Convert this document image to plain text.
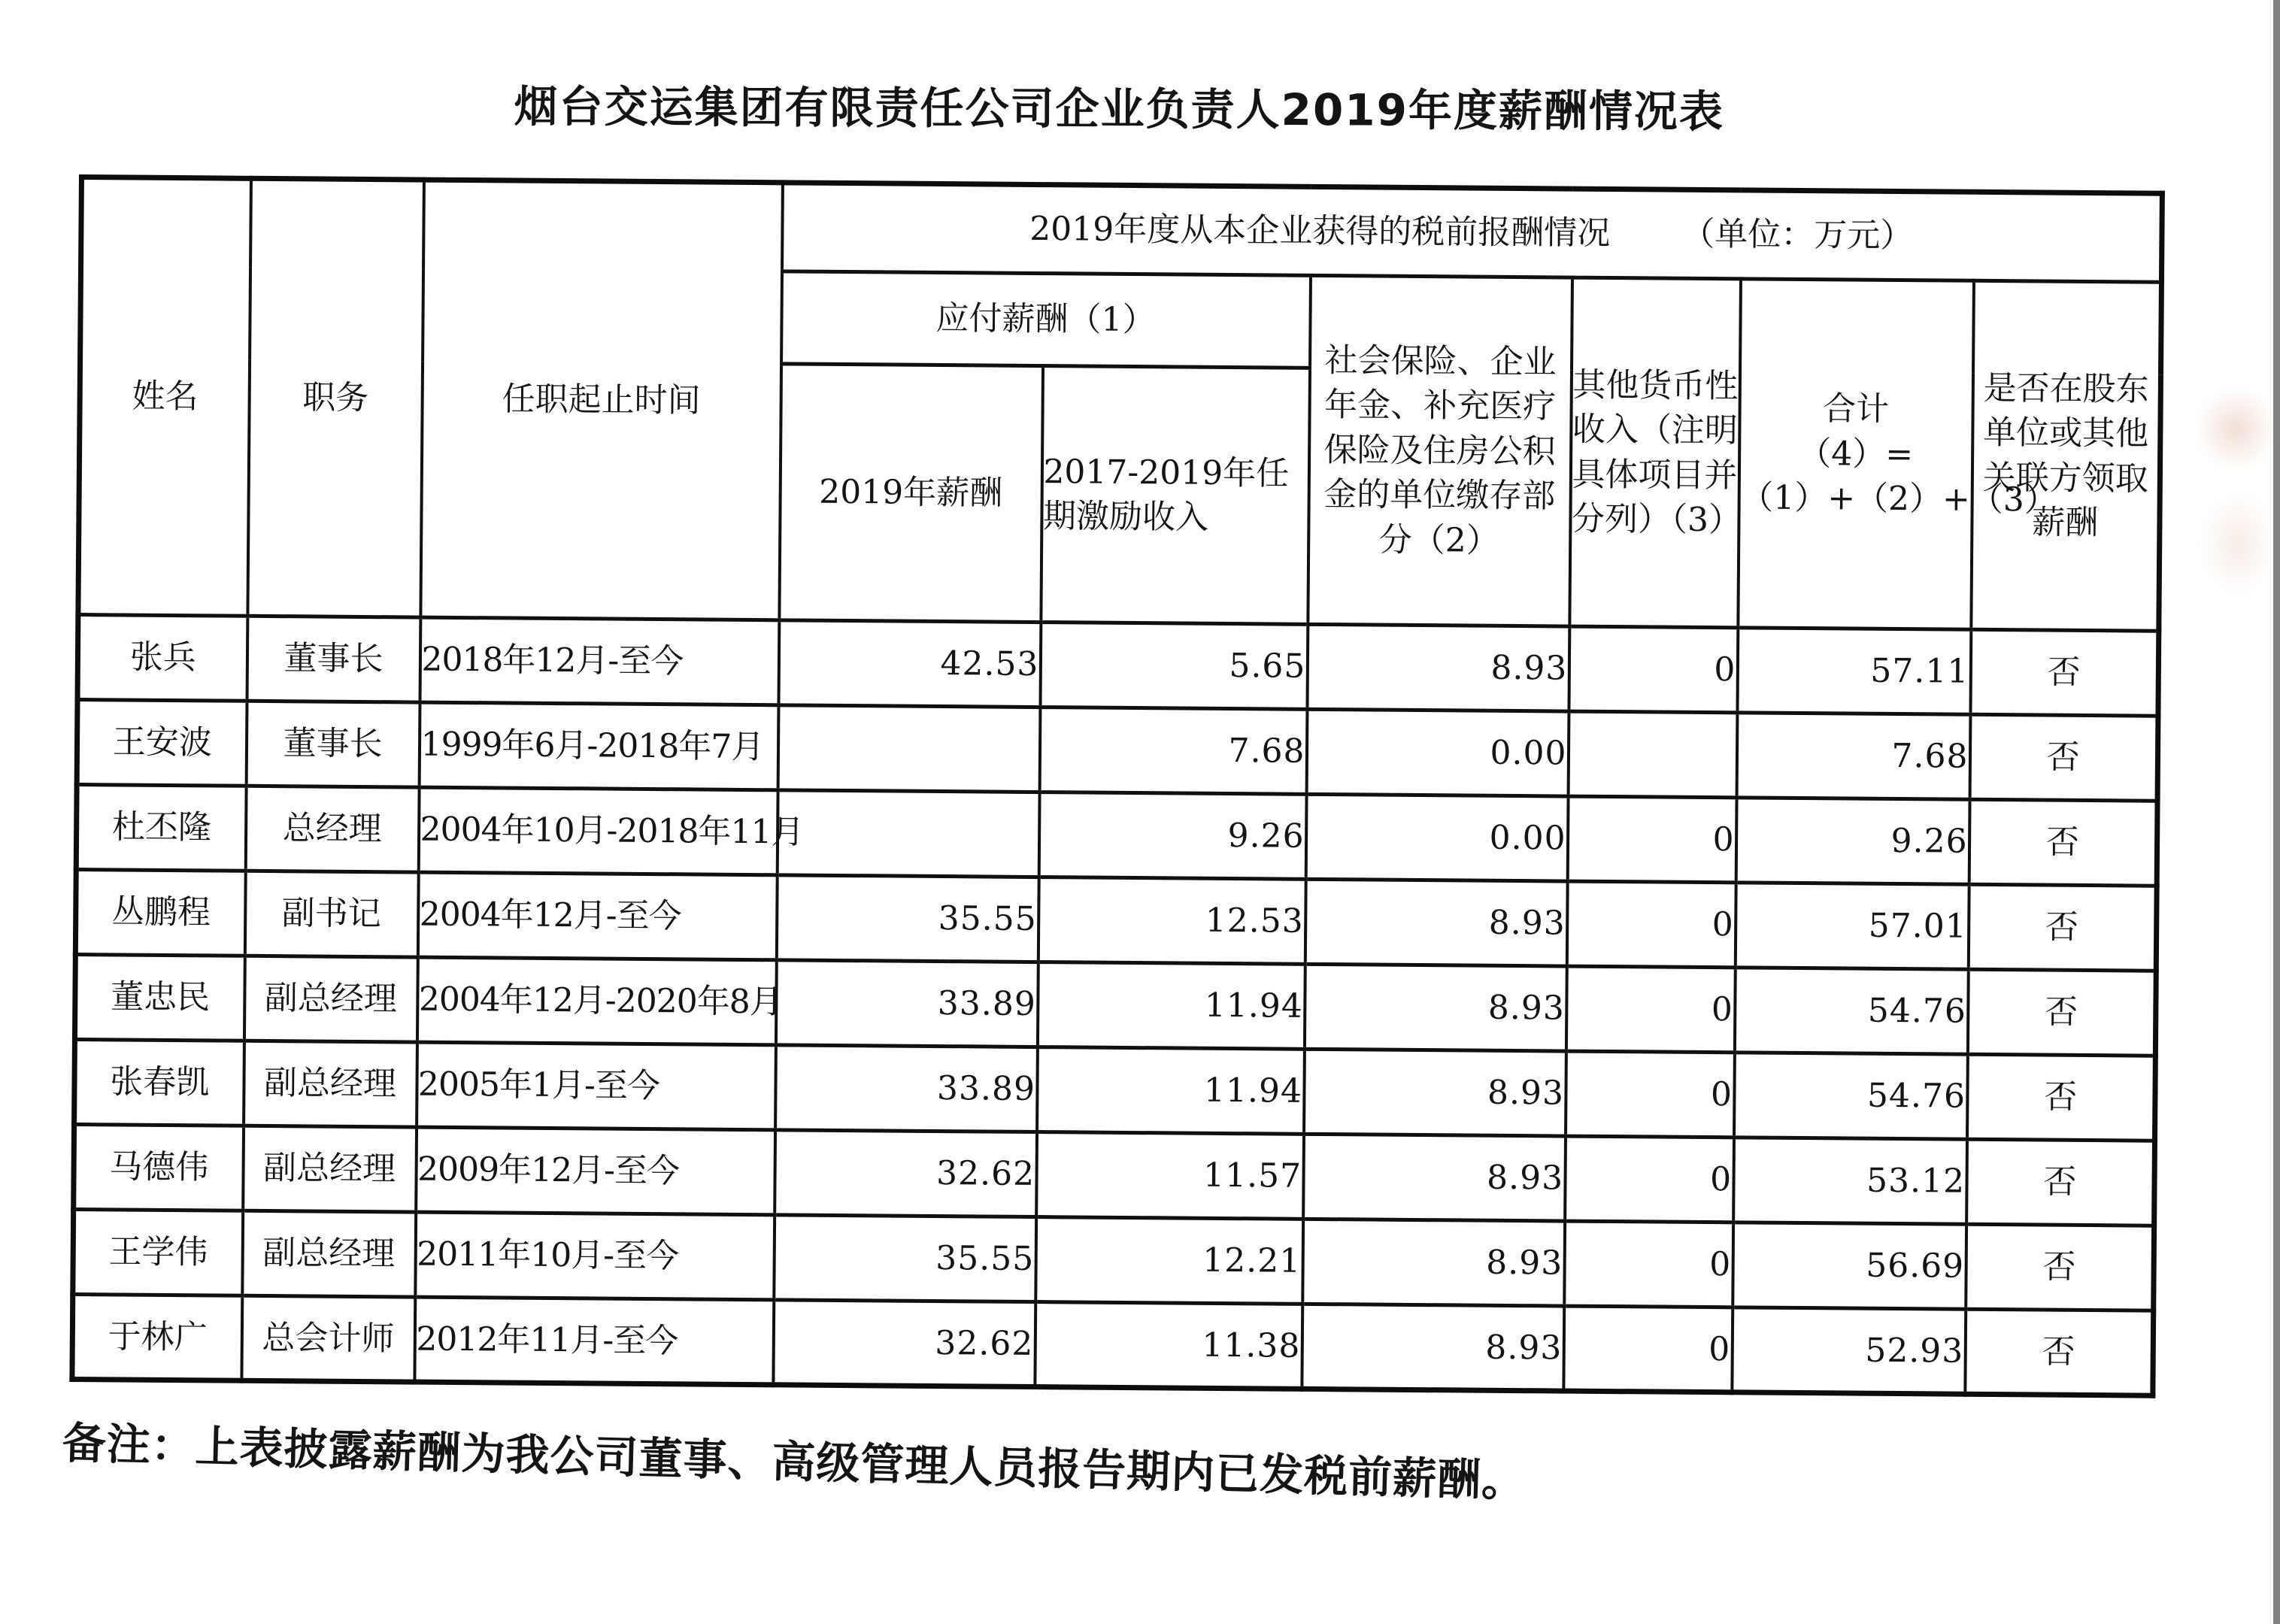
烟台交运集团有限责任公司企业负责人2019年度薪酬情况表
姓名	职务	任职起止时间	2019年度从本企业获得的税前报酬情况 （单位：万元）					
			应付薪酬（1）		社会保险、企业年金、补充医疗保险及住房公积金的单位缴存部分（2）	其他货币性收入（注明具体项目并分列）（3）	合计
（4）=（1）+（2）+（3）	是否在股东单位或其他关联方领取薪酬
			2019年薪酬	2017-2019年任期激励收入				
张兵	董事长	2018年12月-至今	42.53	5.65	8.93	0	57.11	否
王安波	董事长	1999年6月-2018年7月		7.68	0.00		7.68	否
杜丕隆	总经理	2004年10月-2018年11月		9.26	0.00	0	9.26	否
丛鹏程	副书记	2004年12月-至今	35.55	12.53	8.93	0	57.01	否
董忠民	副总经理	2004年12月-2020年8月	33.89	11.94	8.93	0	54.76	否
张春凯	副总经理	2005年1月-至今	33.89	11.94	8.93	0	54.76	否
马德伟	副总经理	2009年12月-至今	32.62	11.57	8.93	0	53.12	否
王学伟	副总经理	2011年10月-至今	35.55	12.21	8.93	0	56.69	否
于林广	总会计师	2012年11月-至今	32.62	11.38	8.93	0	52.93	否
备注：上表披露薪酬为我公司董事、高级管理人员报告期内已发税前薪酬。
